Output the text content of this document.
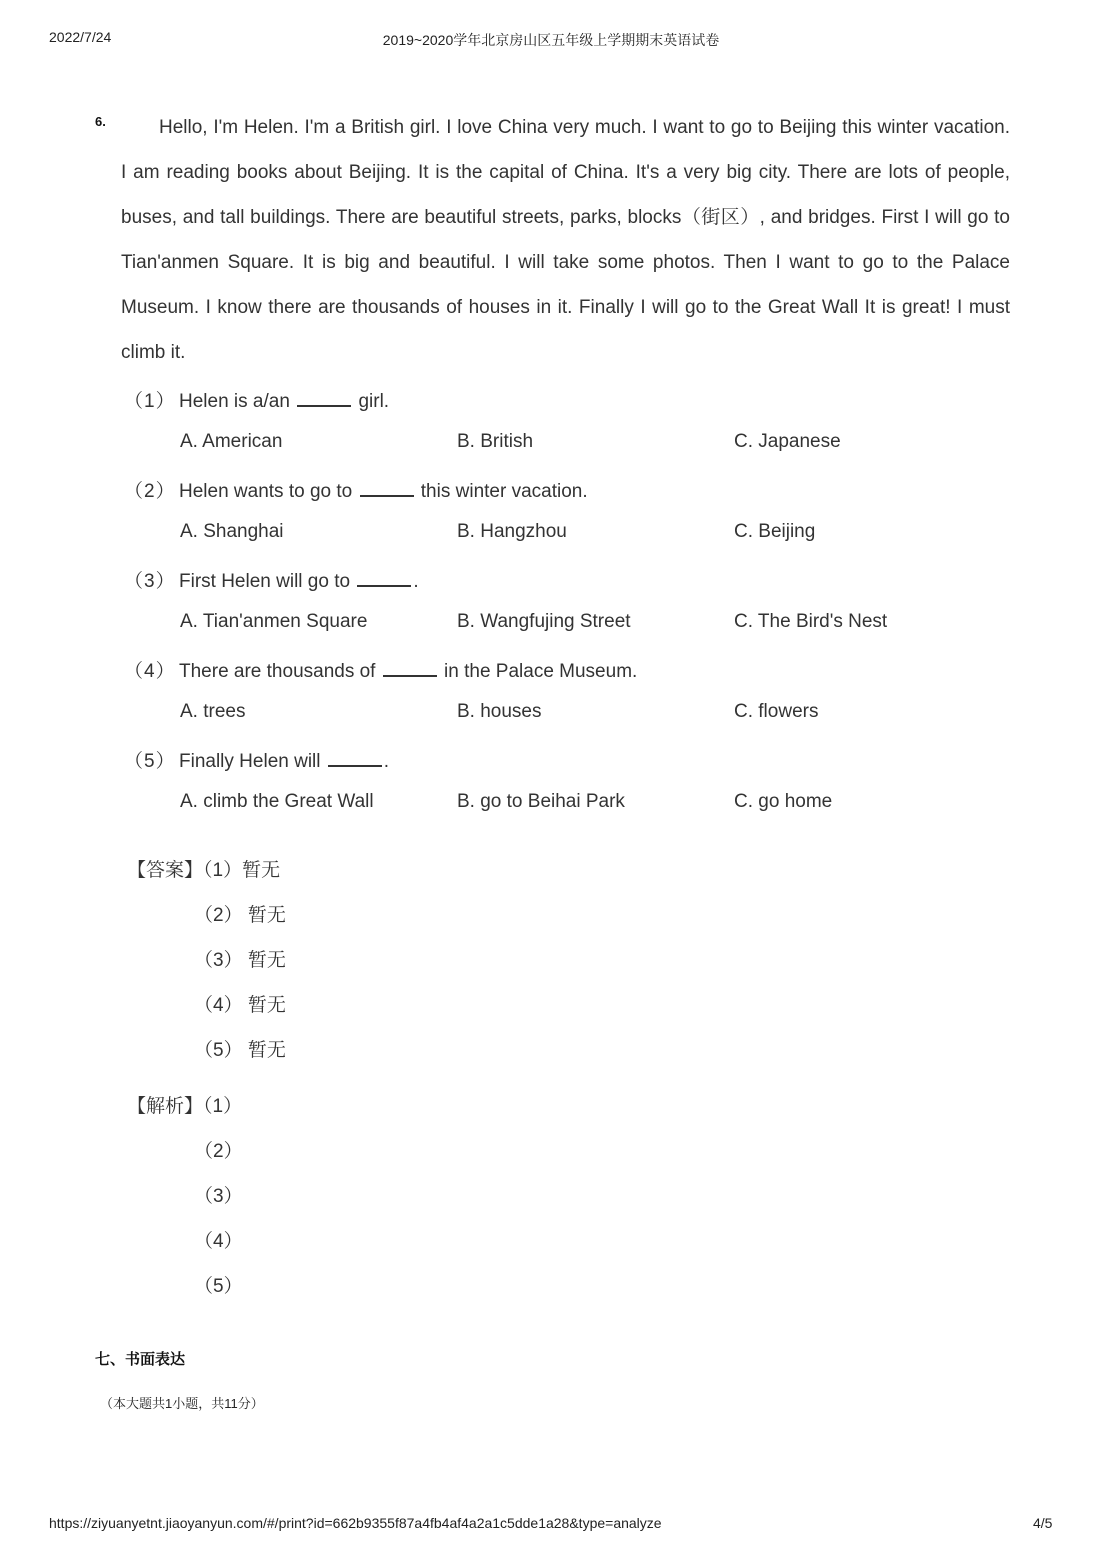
2022/7/24	2019~2020学年北京房山区五年级上学期期末英语试卷
6.	Hello, I'm Helen. I'm a British girl. I love China very much. I want to go to Beijing this winter vacation. I am reading books about Beijing. It is the capital of China. It's a very big city. There are lots of people, buses, and tall buildings. There are beautiful streets, parks, blocks（街区）, and bridges. First I will go to Tian'anmen Square. It is big and beautiful. I will take some photos. Then I want to go to the Palace Museum. I know there are thousands of houses in it. Finally I will go to the Great Wall It is great! I must climb it.
（1） Helen is a/an	girl.
A. American	B. British	C. Japanese
（2） Helen wants to go to	this winter vacation.
A. Shanghai	B. Hangzhou	C. Beijing
（3） First Helen will go to	.
A. Tian'anmen Square	B. Wangfujing Street	C. The Bird's Nest
（4） There are thousands of	in the Palace Museum.
A. trees	B. houses	C. flowers
（5） Finally Helen will	.
A. climb the Great Wall	B. go to Beihai Park	C. go home
【答案】（1）暂无
（2） 暂无
（3） 暂无
（4） 暂无
（5） 暂无
【解析】（1）
（2）
（3）
（4）
（5）
七、书面表达
（本大题共1小题，共11分）
https://ziyuanyetnt.jiaoyanyun.com/#/print?id=662b9355f87a4fb4af4a2a1c5dde1a28&type=analyze	4/5
